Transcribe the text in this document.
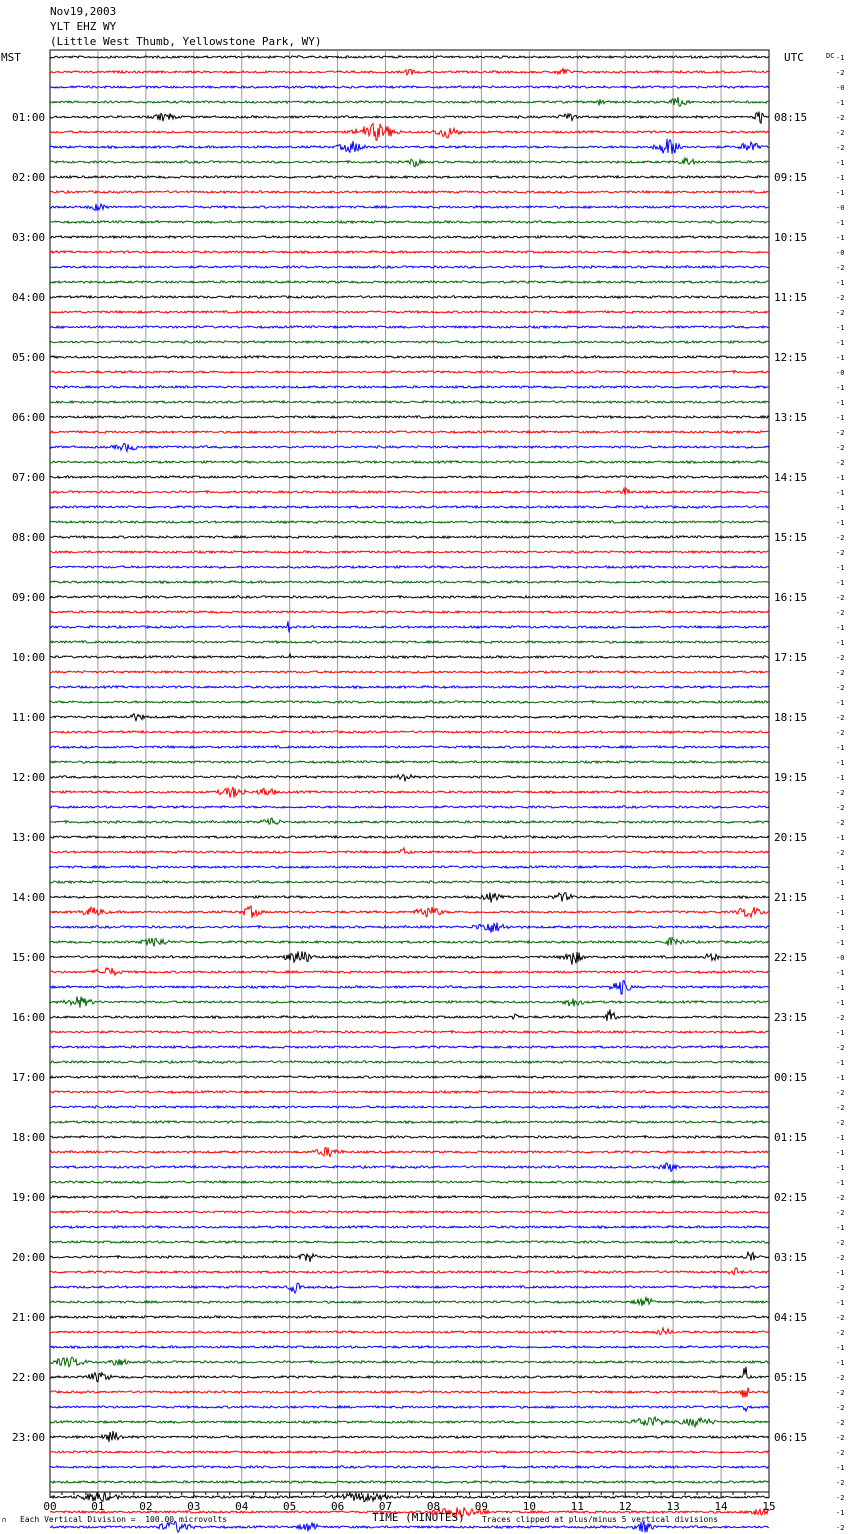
Nov19,2003
YLT EHZ WY
(Little West Thumb, Yellowstone Park, WY)
MST	UTC	DC
01:00
02:00
03:00
04:00
05:00
06:00
07:00
08:00
09:00
10:00
11:00
12:00
13:00
14:00
15:00
16:00
17:00
18:00
19:00
20:00
21:00
22:00
23:00
08:15
09:15
10:15
11:15
12:15
13:15
14:15
15:15
16:15
17:15
18:15
19:15
20:15
21:15
22:15
23:15
00:15
01:15
02:15
03:15
04:15
05:15
06:15
-1
-2
-0
-1
-2
-2
-2
-1
-1
-1
-0
-1
-1
-0
-2
-1
-2
-2
-1
-1
-1
-0
-1
-1
-1
-2
-2
-2
-1
-1
-1
-1
-2
-2
-1
-1
-2
-2
-1
-1
-2
-2
-2
-1
-2
-2
-1
-1
-1
-2
-2
-2
-1
-2
-1
-1
-1
-1
-1
-1
-0
-1
-1
-1
-2
-1
-2
-1
-1
-2
-2
-2
-1
-1
-1
-1
-2
-2
-1
-2
-2
-1
-2
-1
-2
-2
-1
-1
-2
-2
-2
-2
-2
-2
-1
-2
-2
-1
-2
00	01	02	03	04	05	06	07	08	09	10	11	12	13	14	15
∩ Each Vertical Division =  100.00 microvolts	TIME (MINUTES) Traces clipped at plus/minus 5 vertical divisions
